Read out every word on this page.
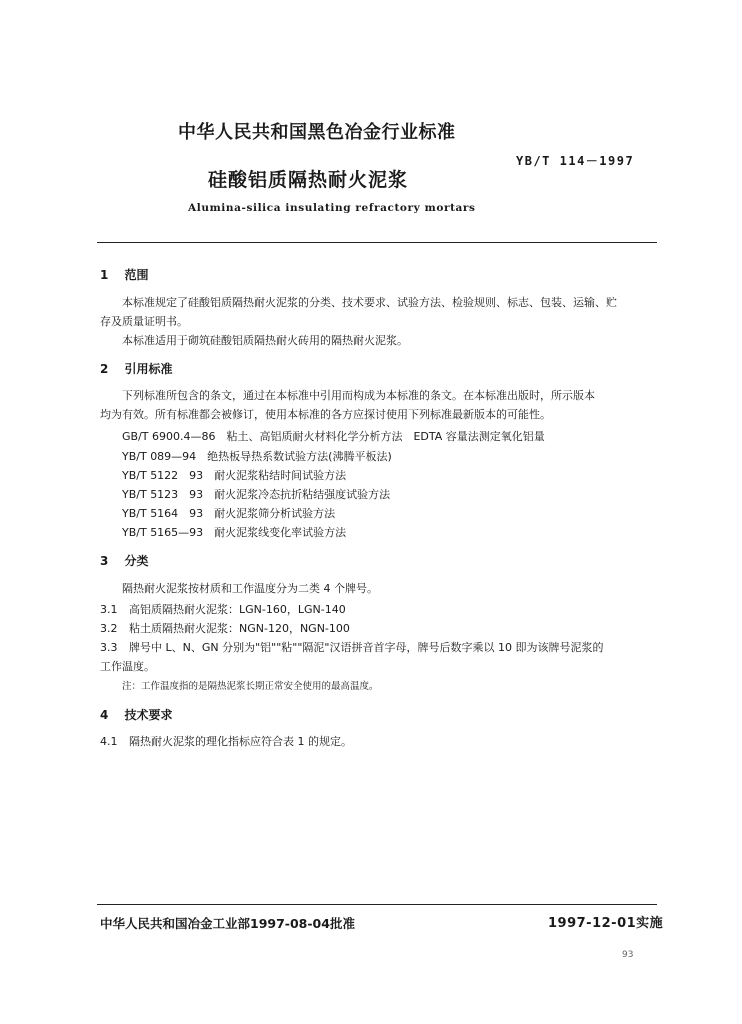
中华人民共和国黑色冶金行业标准
YB/T 114－1997
硅酸铝质隔热耐火泥浆
Alumina-silica insulating refractory mortars
1 范围
本标准规定了硅酸铝质隔热耐火泥浆的分类、技术要求、试验方法、检验规则、标志、包装、运输、贮
存及质量证明书。
本标准适用于砌筑硅酸铝质隔热耐火砖用的隔热耐火泥浆。
2 引用标准
下列标准所包含的条文，通过在本标准中引用而构成为本标准的条文。在本标准出版时，所示版本
均为有效。所有标准都会被修订，使用本标准的各方应探讨使用下列标准最新版本的可能性。
GB/T 6900.4—86　粘土、高铝质耐火材料化学分析方法　EDTA 容量法测定氧化铝量
YB/T 089—94　绝热板导热系数试验方法(沸腾平板法)
YB/T 5122　93　耐火泥浆粘结时间试验方法
YB/T 5123　93　耐火泥浆冷态抗折粘结强度试验方法
YB/T 5164　93　耐火泥浆筛分析试验方法
YB/T 5165—93　耐火泥浆线变化率试验方法
3 分类
隔热耐火泥浆按材质和工作温度分为二类 4 个牌号。
3.1 高铝质隔热耐火泥浆：LGN-160，LGN-140
3.2 粘土质隔热耐火泥浆：NGN-120，NGN-100
3.3 牌号中 L、N、GN 分别为"铝""粘""隔泥"汉语拼音首字母，牌号后数字乘以 10 即为该牌号泥浆的
工作温度。
注：工作温度指的是隔热泥浆长期正常安全使用的最高温度。
4 技术要求
4.1 隔热耐火泥浆的理化指标应符合表 1 的规定。
中华人民共和国冶金工业部1997-08-04批准	1997-12-01实施
93
